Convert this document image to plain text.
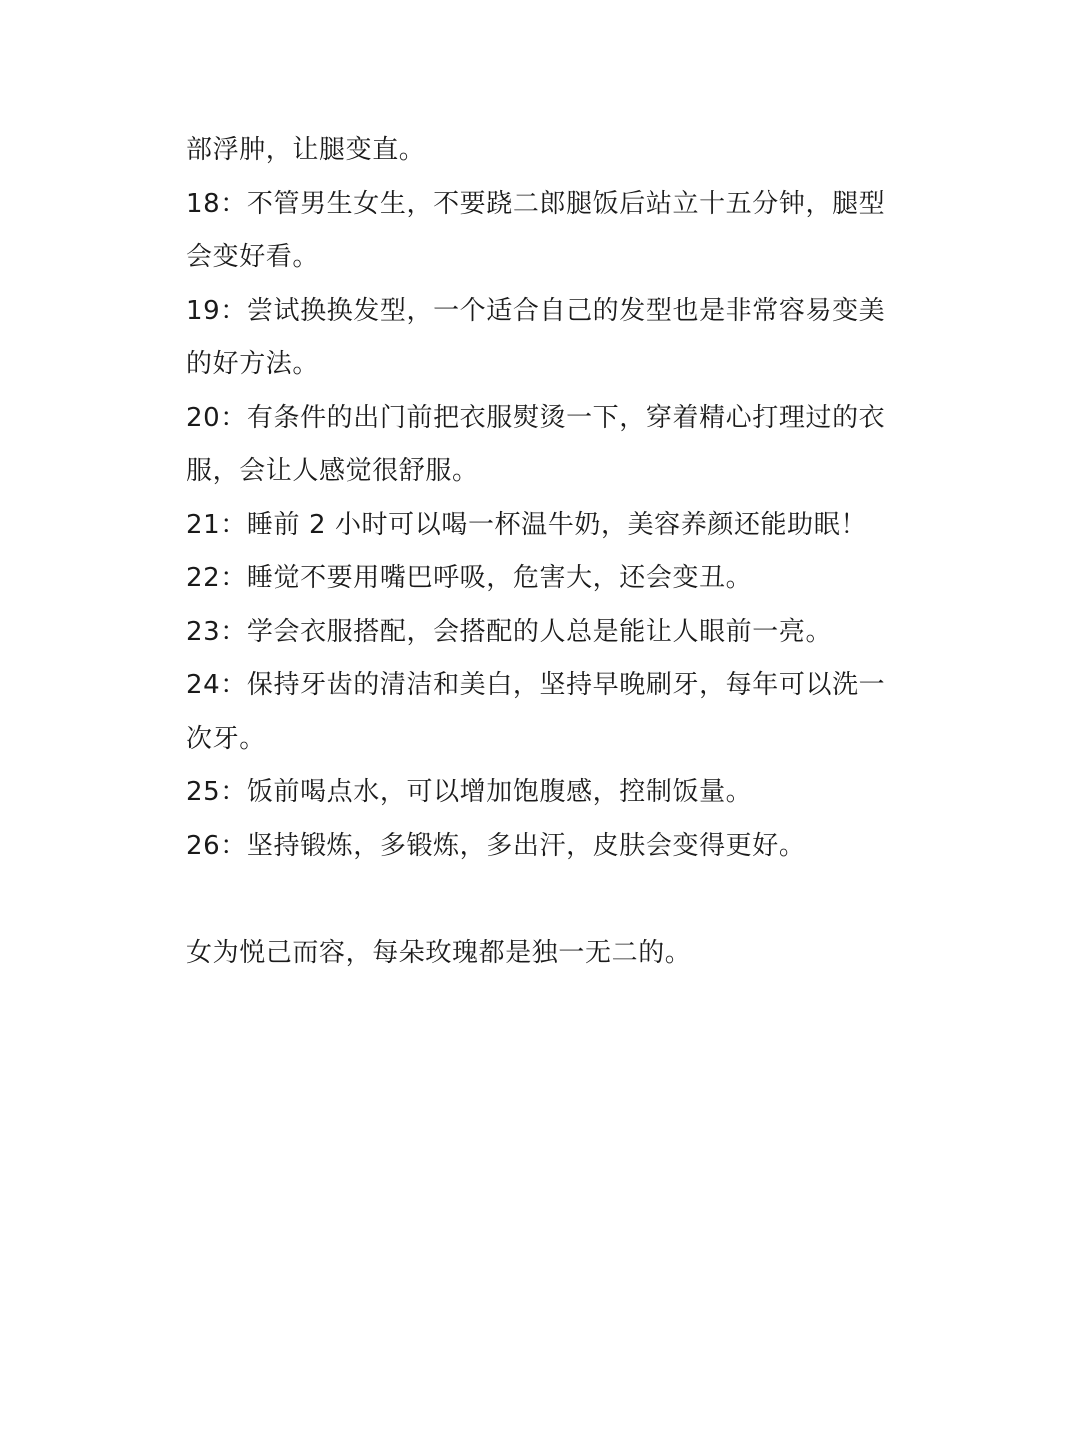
部浮肿，让腿变直。
18：不管男生女生，不要跷二郎腿饭后站立十五分钟，腿型
会变好看。
19：尝试换换发型，一个适合自己的发型也是非常容易变美
的好方法。
20：有条件的出门前把衣服熨烫一下，穿着精心打理过的衣
服，会让人感觉很舒服。
21：睡前 2 小时可以喝一杯温牛奶，美容养颜还能助眠！
22：睡觉不要用嘴巴呼吸，危害大，还会变丑。
23：学会衣服搭配，会搭配的人总是能让人眼前一亮。
24：保持牙齿的清洁和美白，坚持早晚刷牙，每年可以洗一
次牙。
25：饭前喝点水，可以增加饱腹感，控制饭量。
26：坚持锻炼，多锻炼，多出汗，皮肤会变得更好。
女为悦己而容，每朵玫瑰都是独一无二的。
